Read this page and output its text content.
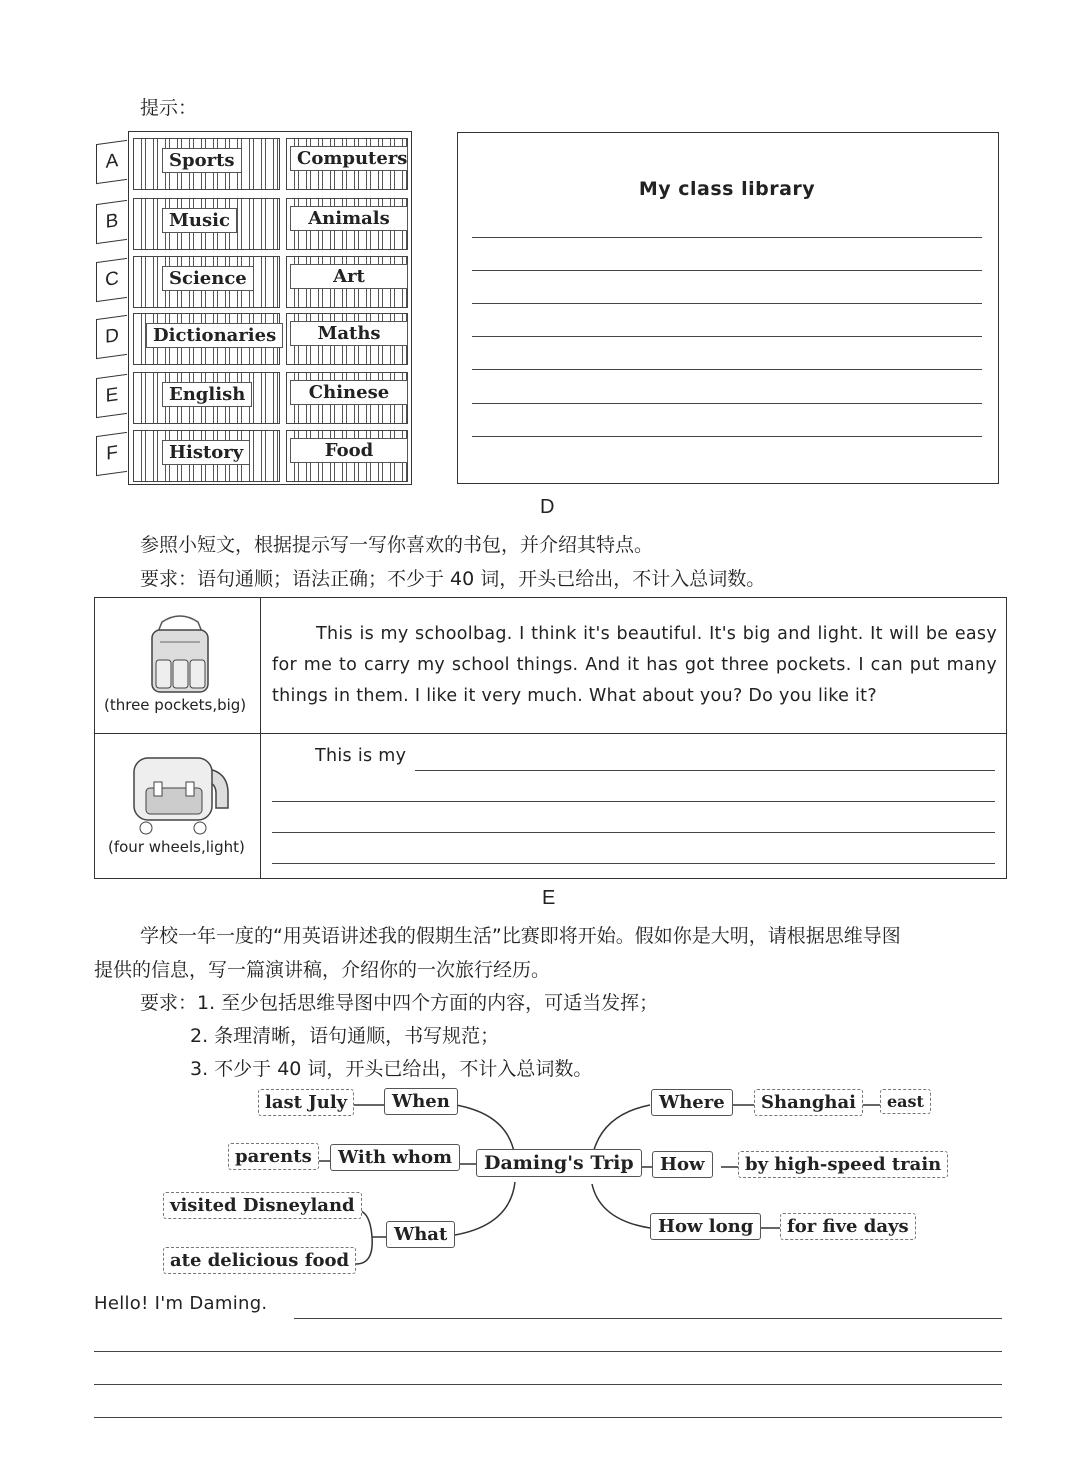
提示：
A	Sports	Computers
B	Music	Animals
C	Science	Art
D	Dictionaries	Maths
E	English	Chinese
F	History	Food
My class library
D
参照小短文，根据提示写一写你喜欢的书包，并介绍其特点。
要求：语句通顺；语法正确；不少于 40 词，开头已给出，不计入总词数。
(three pockets,big)
This is my schoolbag. I think it's beautiful. It's big and light. It will be easy for me to carry my school things. And it has got three pockets. I can put many things in them. I like it very much. What about you? Do you like it?
(four wheels,light)
This is my
E
学校一年一度的“用英语讲述我的假期生活”比赛即将开始。假如你是大明，请根据思维导图
提供的信息，写一篇演讲稿，介绍你的一次旅行经历。
要求：1. 至少包括思维导图中四个方面的内容，可适当发挥；
2. 条理清晰，语句通顺，书写规范；
3. 不少于 40 词，开头已给出，不计入总词数。
last July	When
parents	With whom
visited Disneyland
ate delicious food
What
Daming's Trip
Where	Shanghai	east
How	by high-speed train
How long	for five days
Hello! I'm Daming.
